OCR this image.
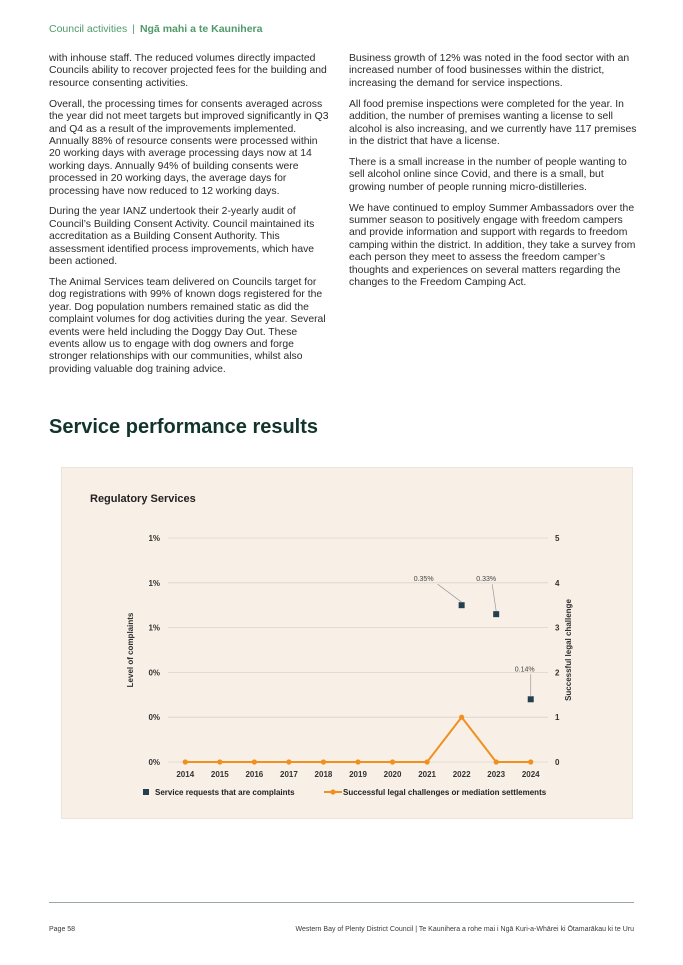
Council activities | Ngā mahi a te Kaunihera

with inhouse staff. The reduced volumes directly impacted Councils ability to recover projected fees for the building and resource consenting activities.

Overall, the processing times for consents averaged across the year did not meet targets but improved significantly in Q3 and Q4 as a result of the improvements implemented. Annually 88% of resource consents were processed within 20 working days with average processing days now at 14 working days. Annually 94% of building consents were processed in 20 working days, the average days for processing have now reduced to 12 working days.

During the year IANZ undertook their 2-yearly audit of Council’s Building Consent Activity. Council maintained its accreditation as a Building Consent Authority. This assessment identified process improvements, which have been actioned.

The Animal Services team delivered on Councils target for dog registrations with 99% of known dogs registered for the year. Dog population numbers remained static as did the complaint volumes for dog activities during the year. Several events were held including the Doggy Day Out. These events allow us to engage with dog owners and forge stronger relationships with our communities, whilst also providing valuable dog training advice.

Business growth of 12% was noted in the food sector with an increased number of food businesses within the district, increasing the demand for service inspections.

All food premise inspections were completed for the year. In addition, the number of premises wanting a license to sell alcohol is also increasing, and we currently have 117 premises in the district that have a license.

There is a small increase in the number of people wanting to sell alcohol online since Covid, and there is a small, but growing number of people running micro-distilleries.

We have continued to employ Summer Ambassadors over the summer season to positively engage with freedom campers and provide information and support with regards to freedom camping within the district. In addition, they take a survey from each person they meet to assess the freedom camper’s thoughts and experiences on several matters regarding the changes to the Freedom Camping Act.

Service performance results
Regulatory Services
0%	0
0%	1
0%	2
1%	3
1%	4
1%	5
2014 2015 2016 2017 2018 2019 2020 2021 2022 2023 2024
Level of complaints	Successful legal challenge
0.35%	0.33%
0.14%
Service requests that are complaints	Successful legal challenges or mediation settlements
Page 58	Western Bay of Plenty District Council | Te Kaunihera a rohe mai i Ngā Kuri-a-Whārei ki Ōtamarākau ki te Uru
